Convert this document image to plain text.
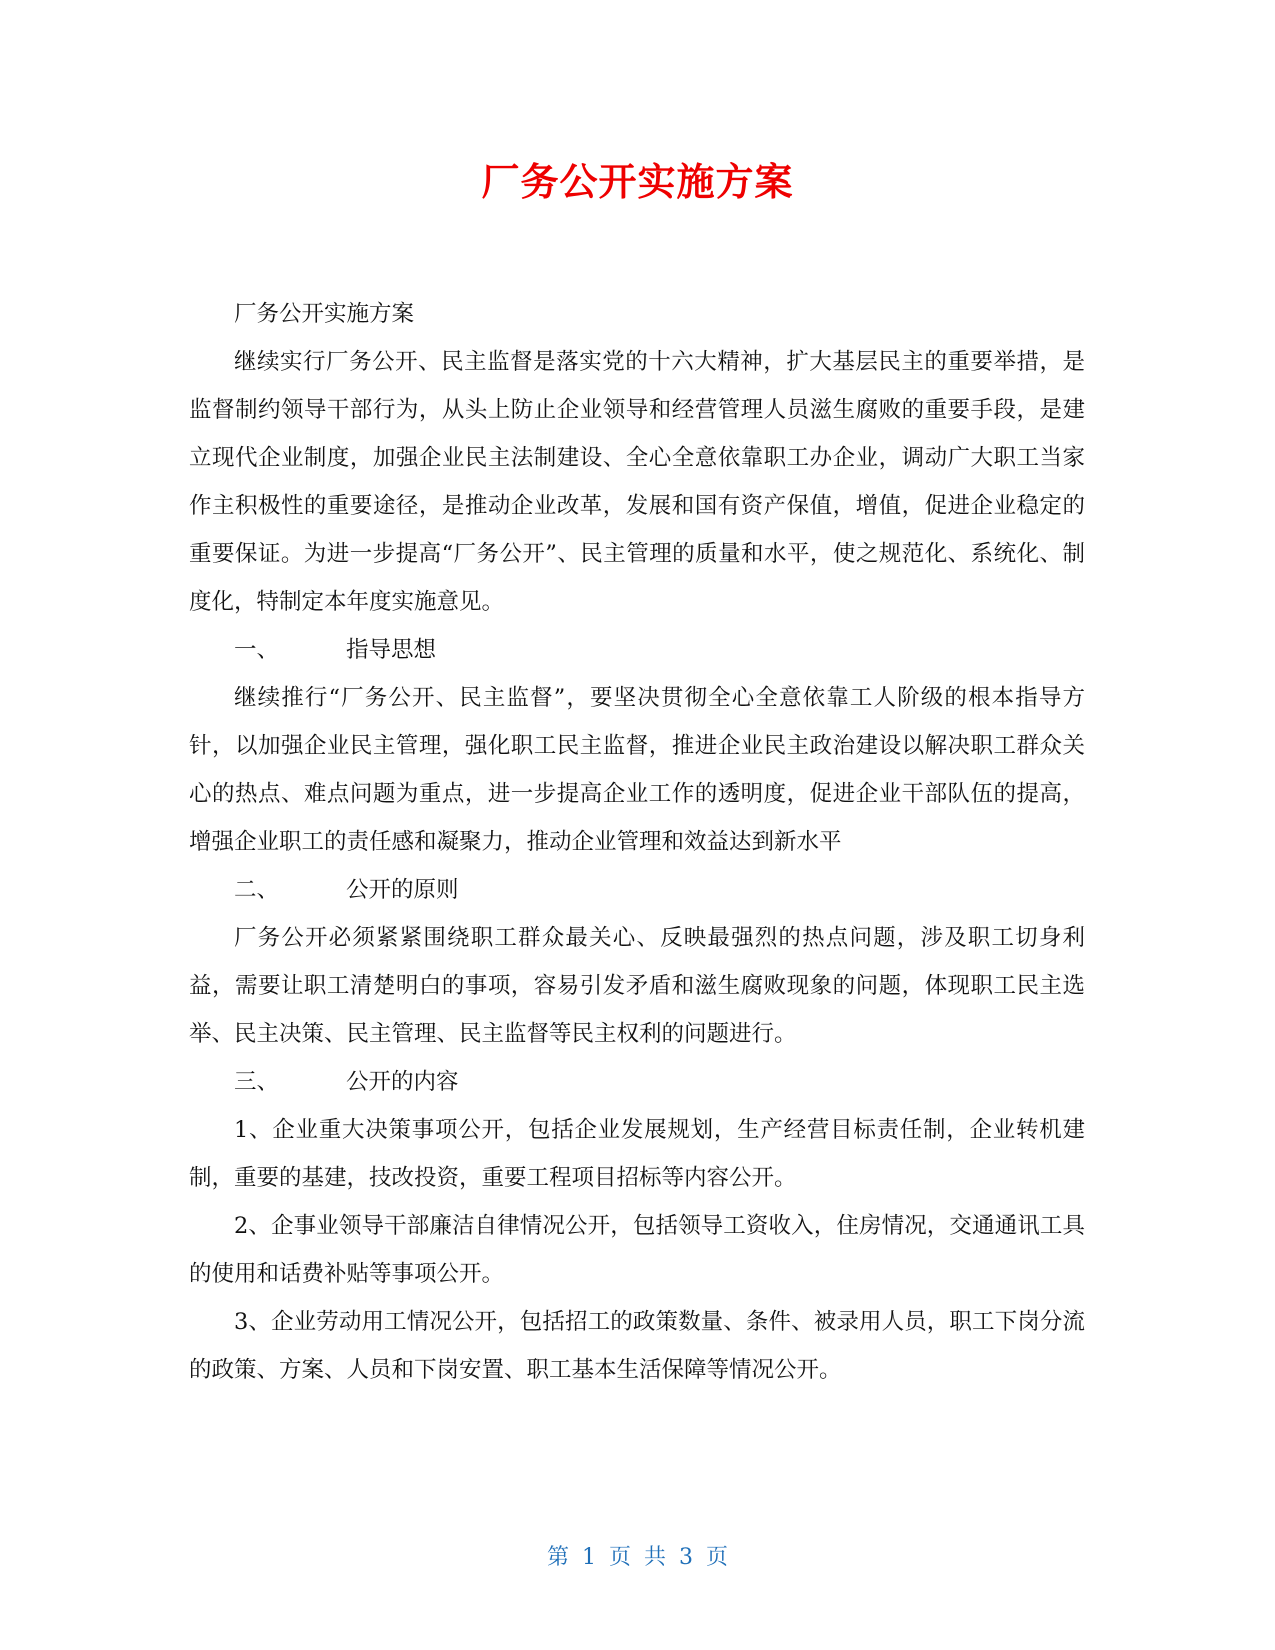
厂务公开实施方案

厂务公开实施方案

继续实行厂务公开、民主监督是落实党的十六大精神，扩大基层民主的重要举措，是监督制约领导干部行为，从头上防止企业领导和经营管理人员滋生腐败的重要手段，是建立现代企业制度，加强企业民主法制建设、全心全意依靠职工办企业，调动广大职工当家作主积极性的重要途径，是推动企业改革，发展和国有资产保值，增值，促进企业稳定的重要保证。为进一步提高“厂务公开”、民主管理的质量和水平，使之规范化、系统化、制度化，特制定本年度实施意见。

一、	指导思想

继续推行“厂务公开、民主监督”，要坚决贯彻全心全意依靠工人阶级的根本指导方针，以加强企业民主管理，强化职工民主监督，推进企业民主政治建设以解决职工群众关心的热点、难点问题为重点，进一步提高企业工作的透明度，促进企业干部队伍的提高，增强企业职工的责任感和凝聚力，推动企业管理和效益达到新水平

二、	公开的原则

厂务公开必须紧紧围绕职工群众最关心、反映最强烈的热点问题，涉及职工切身利益，需要让职工清楚明白的事项，容易引发矛盾和滋生腐败现象的问题，体现职工民主选举、民主决策、民主管理、民主监督等民主权利的问题进行。

三、	公开的内容

1、企业重大决策事项公开，包括企业发展规划，生产经营目标责任制，企业转机建制，重要的基建，技改投资，重要工程项目招标等内容公开。

2、企事业领导干部廉洁自律情况公开，包括领导工资收入，住房情况，交通通讯工具的使用和话费补贴等事项公开。

3、企业劳动用工情况公开，包括招工的政策数量、条件、被录用人员，职工下岗分流的政策、方案、人员和下岗安置、职工基本生活保障等情况公开。

第 1 页 共 3 页
